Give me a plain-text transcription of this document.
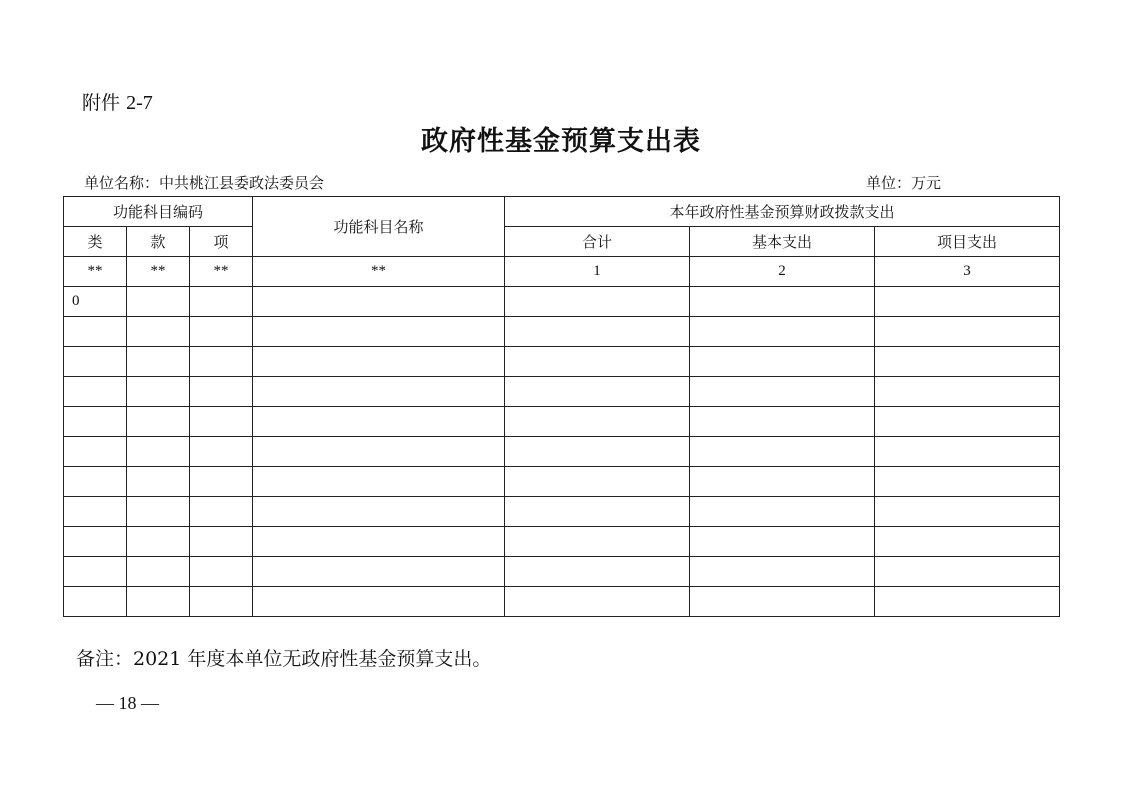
附件 2-7
政府性基金预算支出表
单位名称：中共桃江县委政法委员会	单位：万元
功能科目编码			功能科目名称	本年政府性基金预算财政拨款支出		
类	款	项		合计	基本支出	项目支出
**	**	**	**	1	2	3
0						

备注：2021 年度本单位无政府性基金预算支出。
— 18 —
